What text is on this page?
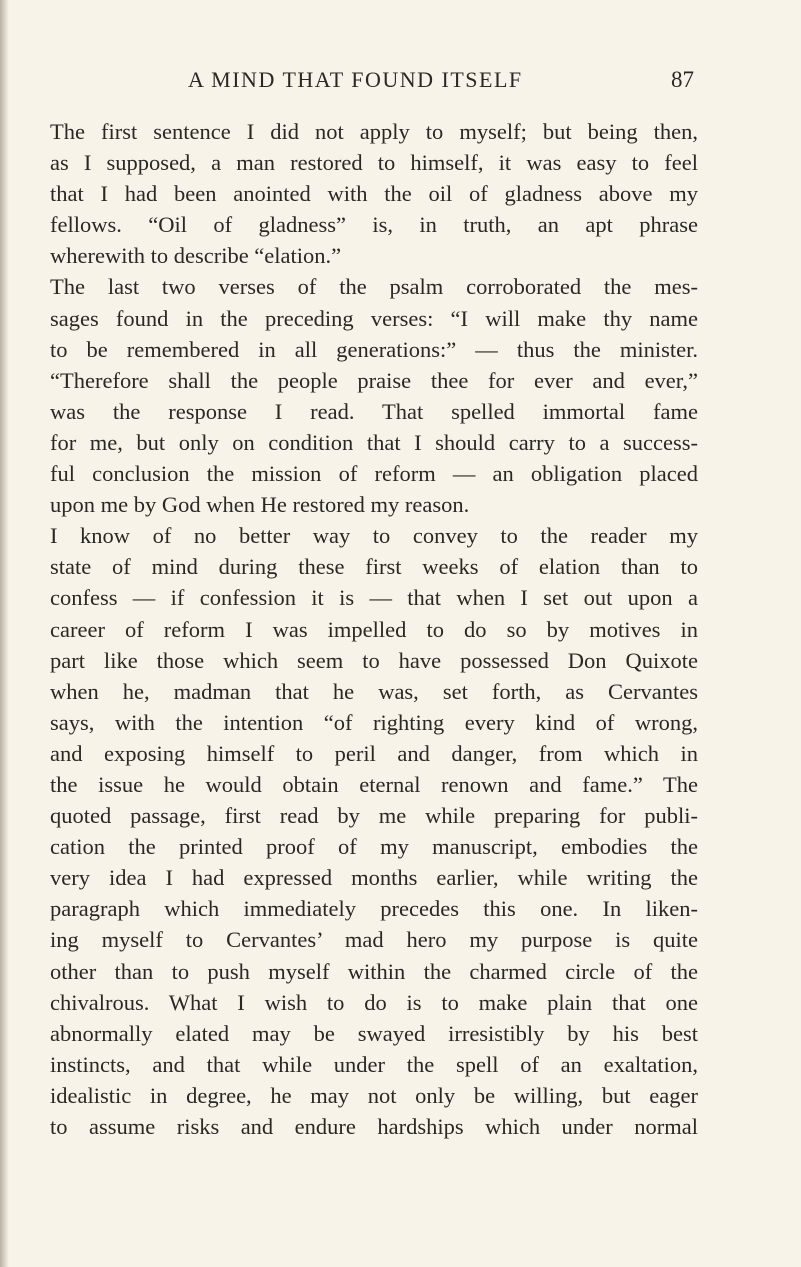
A MIND THAT FOUND ITSELF	87
The first sentence I did not apply to myself; but being then,
as I supposed, a man restored to himself, it was easy to feel
that I had been anointed with the oil of gladness above my
fellows. “Oil of gladness” is, in truth, an apt phrase
wherewith to describe “elation.”
The last two verses of the psalm corroborated the mes-
sages found in the preceding verses: “I will make thy name
to be remembered in all generations:” — thus the minister.
“Therefore shall the people praise thee for ever and ever,”
was the response I read. That spelled immortal fame
for me, but only on condition that I should carry to a success-
ful conclusion the mission of reform — an obligation placed
upon me by God when He restored my reason.
I know of no better way to convey to the reader my
state of mind during these first weeks of elation than to
confess — if confession it is — that when I set out upon a
career of reform I was impelled to do so by motives in
part like those which seem to have possessed Don Quixote
when he, madman that he was, set forth, as Cervantes
says, with the intention “of righting every kind of wrong,
and exposing himself to peril and danger, from which in
the issue he would obtain eternal renown and fame.” The
quoted passage, first read by me while preparing for publi-
cation the printed proof of my manuscript, embodies the
very idea I had expressed months earlier, while writing the
paragraph which immediately precedes this one. In liken-
ing myself to Cervantes’ mad hero my purpose is quite
other than to push myself within the charmed circle of the
chivalrous. What I wish to do is to make plain that one
abnormally elated may be swayed irresistibly by his best
instincts, and that while under the spell of an exaltation,
idealistic in degree, he may not only be willing, but eager
to assume risks and endure hardships which under normal
